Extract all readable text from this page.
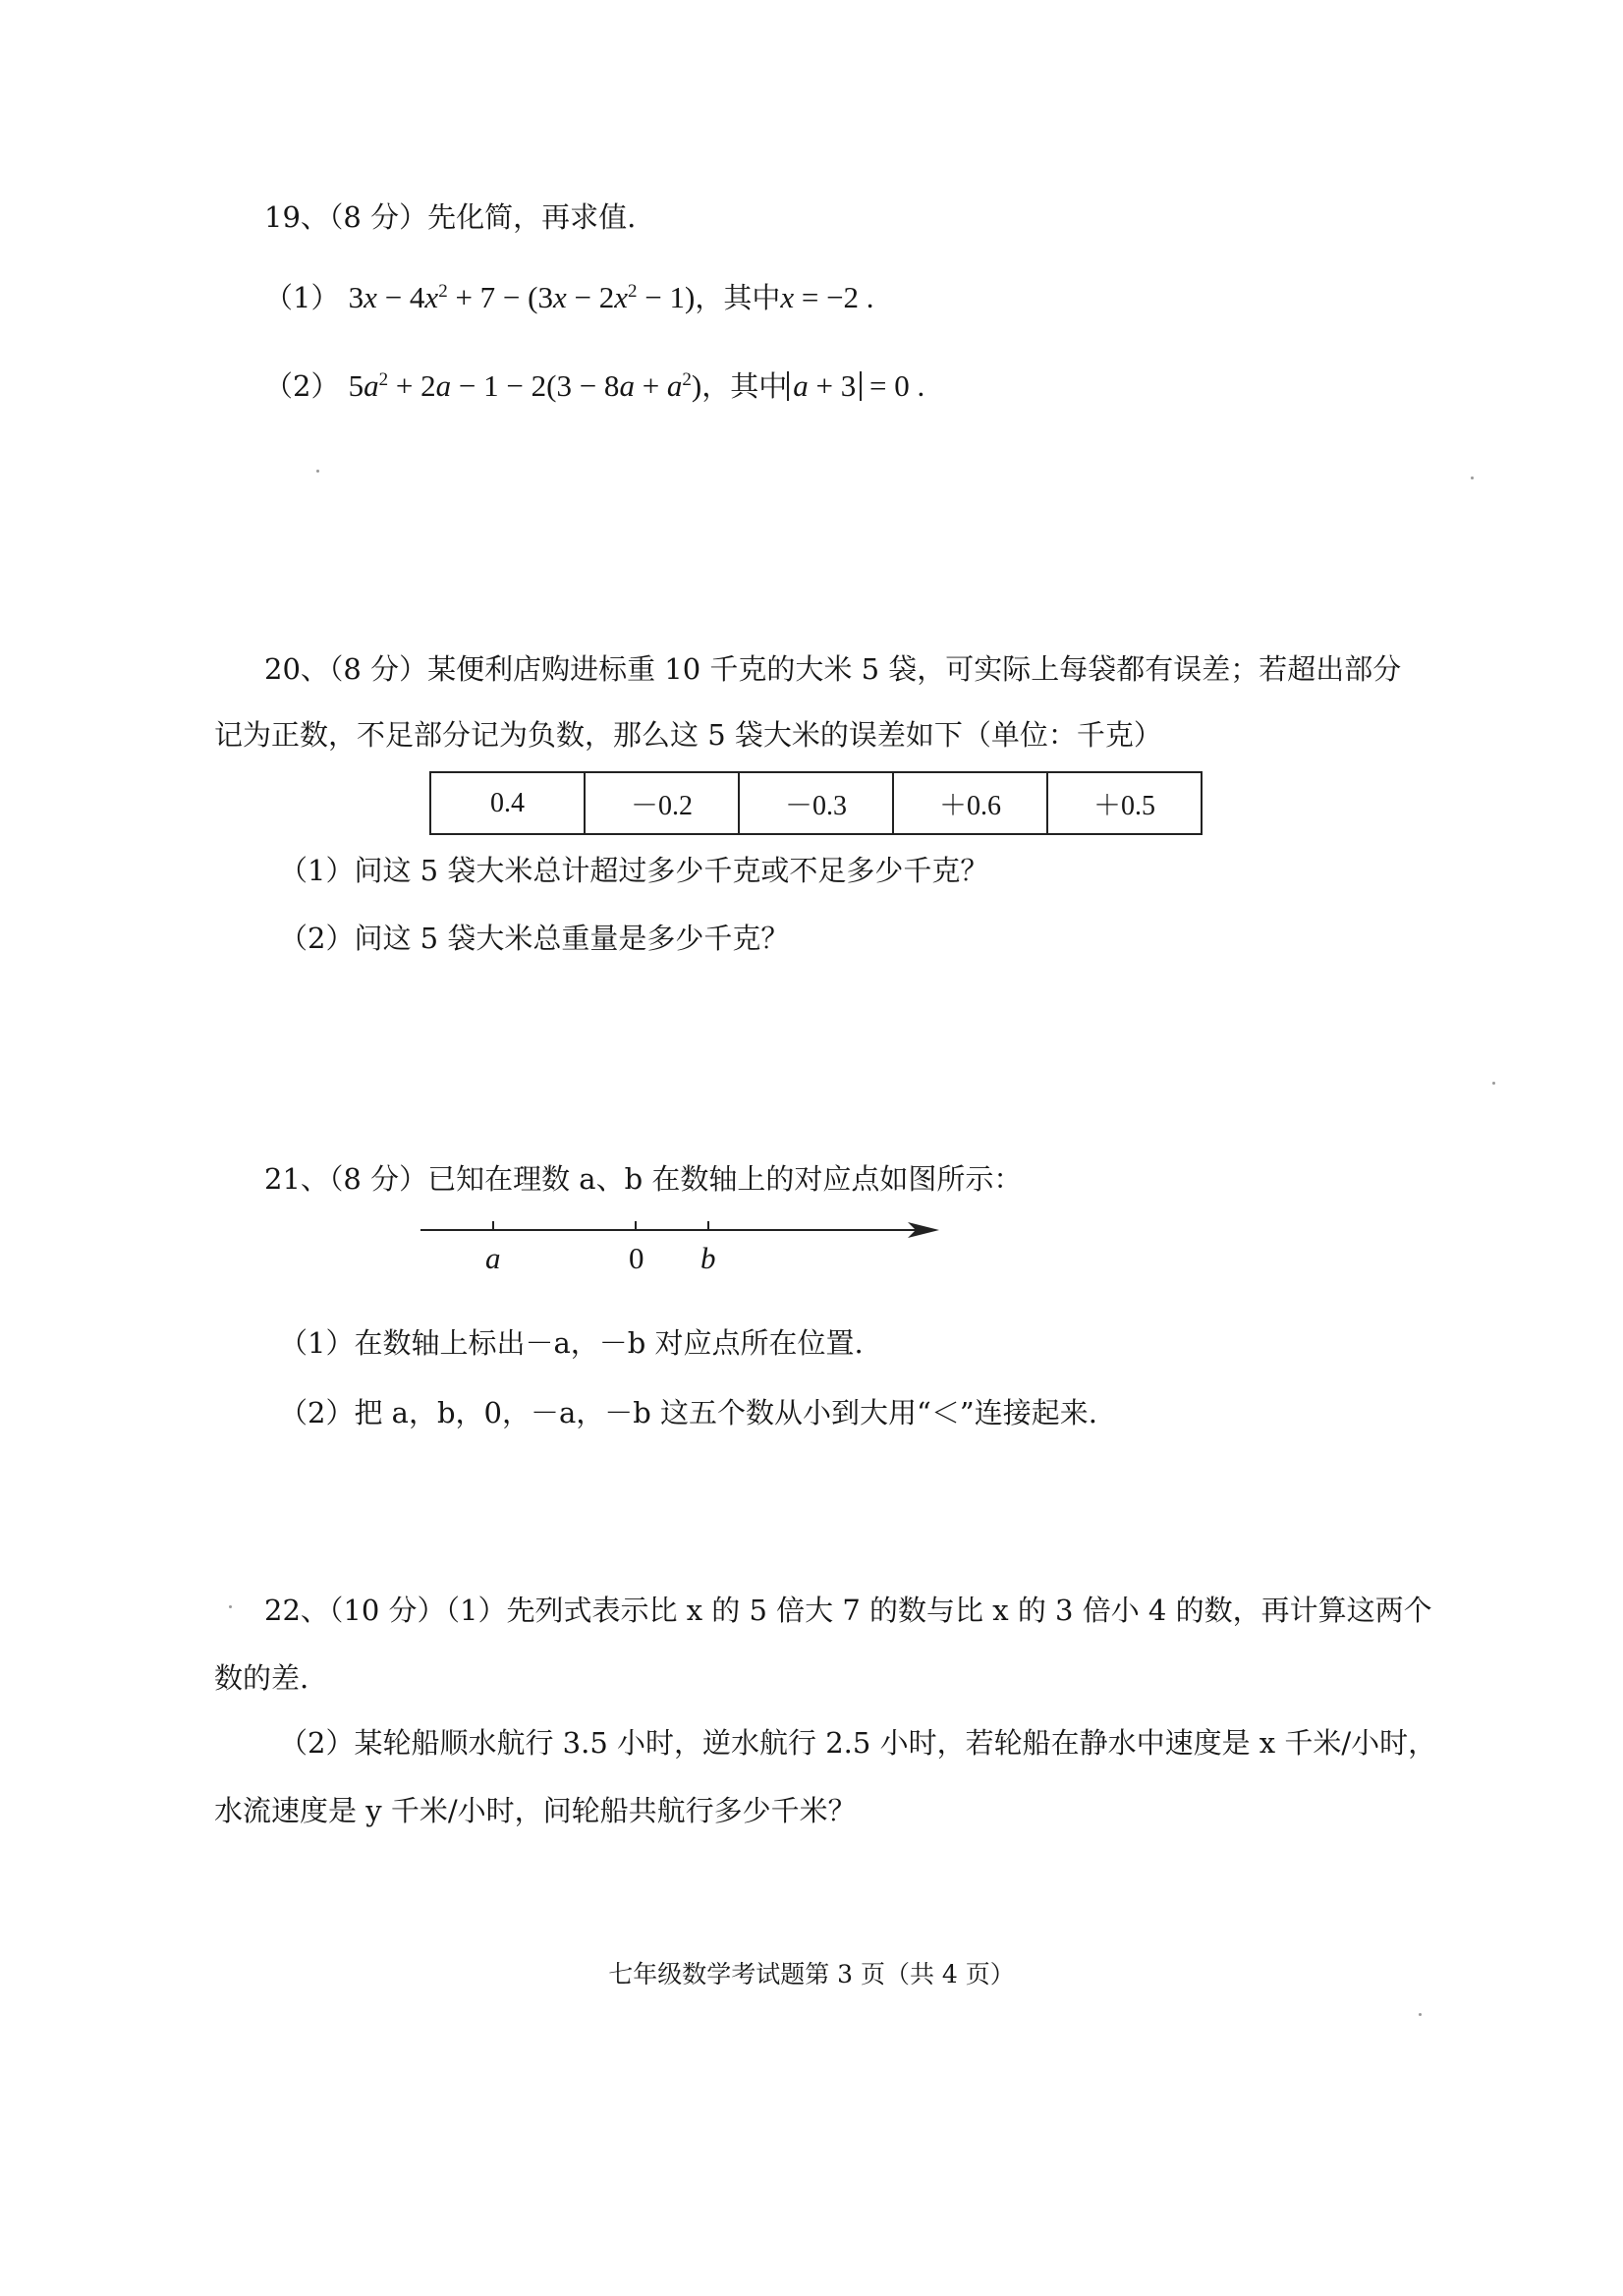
19、（8 分）先化简，再求值.
（1） $3x - 4x^2 + 7 - (3x - 2x^2 - 1)$，其中x = −2 .
（2） $5a^2 + 2a - 1 - 2(3 - 8a + a^2)$，其中 a + 3 = 0 .
20、（8 分）某便利店购进标重 10 千克的大米 5 袋，可实际上每袋都有误差；若超出部分
记为正数，不足部分记为负数，那么这 5 袋大米的误差如下（单位：千克）
0.4	－0.2	－0.3	＋0.6	＋0.5
（1）问这 5 袋大米总计超过多少千克或不足多少千克？
（2）问这 5 袋大米总重量是多少千克？
21、（8 分）已知在理数 a、b 在数轴上的对应点如图所示：
a	0 b
（1）在数轴上标出－a，－b 对应点所在位置.
（2）把 a，b，0，－a，－b 这五个数从小到大用“＜”连接起来.
22、（10 分）（1）先列式表示比 x 的 5 倍大 7 的数与比 x 的 3 倍小 4 的数，再计算这两个
数的差.
（2）某轮船顺水航行 3.5 小时，逆水航行 2.5 小时，若轮船在静水中速度是 x 千米/小时，
水流速度是 y 千米/小时，问轮船共航行多少千米？
七年级数学考试题第 3 页（共 4 页）
